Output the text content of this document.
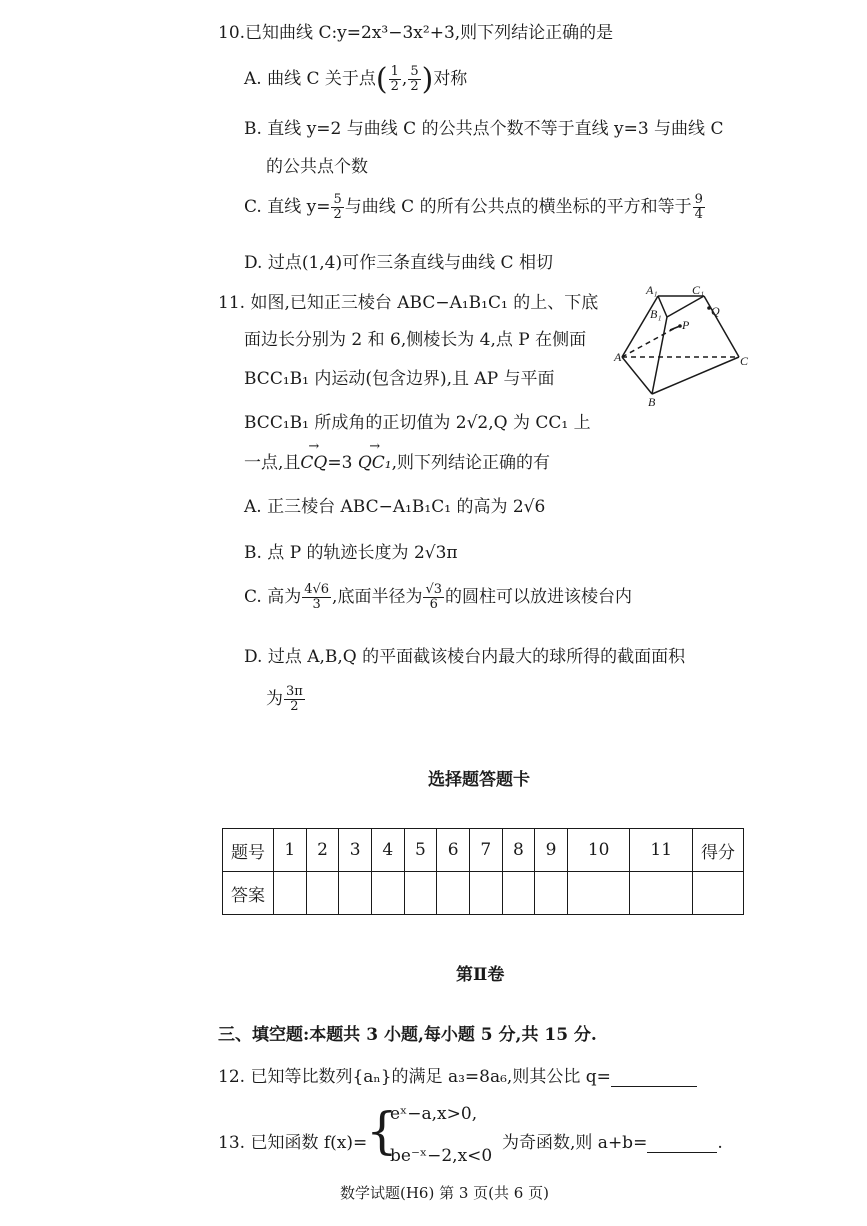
10.已知曲线 C:y=2x³−3x²+3,则下列结论正确的是
A. 曲线 C 关于点( $\frac{1}{2}$ , $\frac{5}{2}$ )对称
B. 直线 y=2 与曲线 C 的公共点个数不等于直线 y=3 与曲线 C
的公共点个数
C. 直线 $y= \frac{5}{2}$ 与曲线 C 的所有公共点的横坐标的平方和等于 $\frac{9}{4}$
D. 过点(1,4)可作三条直线与曲线 C 相切
11. 如图,已知正三棱台 ABC−A₁B₁C₁ 的上、下底
面边长分别为 2 和 6,侧棱长为 4,点 P 在侧面
BCC₁B₁ 内运动(包含边界),且 AP 与平面
BCC₁B₁ 所成角的正切值为 2√2,Q 为 CC₁ 上
一点,且→ CQ=3 → QC₁,则下列结论正确的有
A₁	C₁
B₁
P
Q
A	C
B
A. 正三棱台 ABC−A₁B₁C₁ 的高为 2√6
B. 点 P 的轨迹长度为 2√3π
C. 高为 $\frac{4√6}{3}$ ,底面半径为 $\frac{√3}{6}$ 的圆柱可以放进该棱台内
D. 过点 A,B,Q 的平面截该棱台内最大的球所得的截面面积
为 $\frac{3\pi}{2}$
选择题答题卡
题号	1	2	3	4	5	6	7	8	9	10	11	得分
答案												
第Ⅱ卷
三、填空题:本题共 3 小题,每小题 5 分,共 15 分.
12. 已知等比数列{aₙ}的满足 a₃=8a₆,则其公比 q=
13. 已知函数 f(x)=
{
eˣ−a,x>0,
be⁻ˣ−2,x<0
为奇函数,则 a+b=	.
数学试题(H6) 第 3 页(共 6 页)
